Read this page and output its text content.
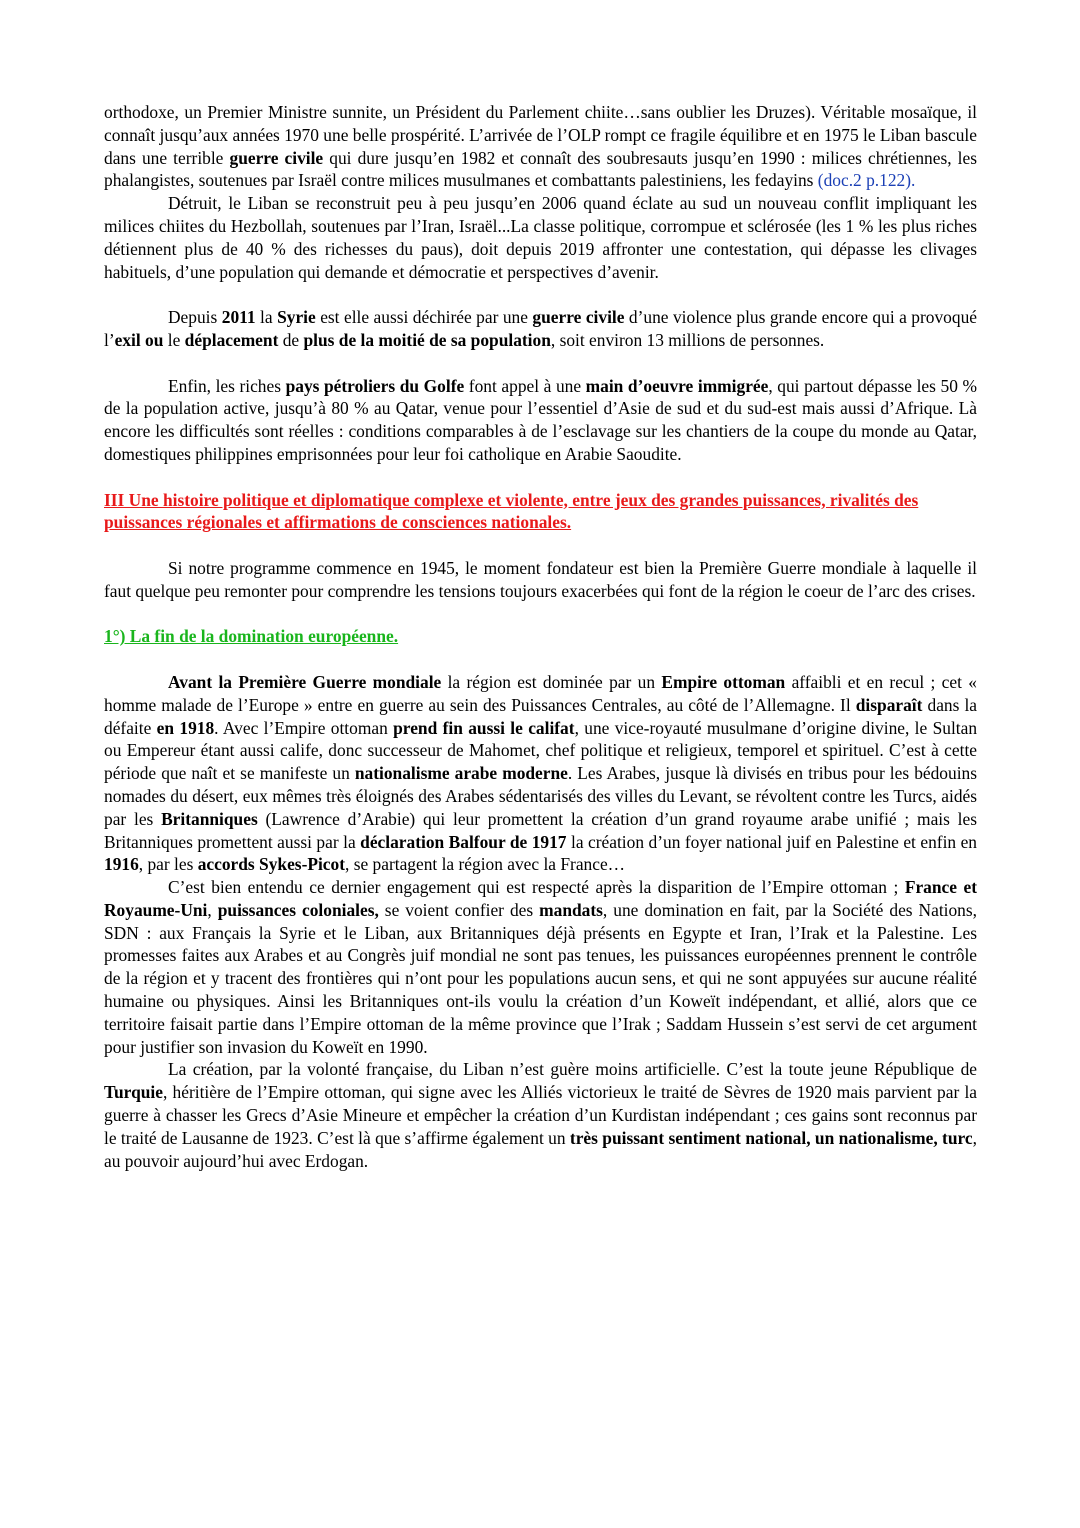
orthodoxe, un Premier Ministre sunnite, un Président du Parlement chiite…sans oublier les Druzes). Véritable mosaïque, il connaît jusqu’aux années 1970 une belle prospérité. L’arrivée de l’OLP rompt ce fragile équilibre et en 1975 le Liban bascule dans une terrible guerre civile qui dure jusqu’en 1982 et connaît des soubresauts jusqu’en 1990 : milices chrétiennes, les phalangistes, soutenues par Israël contre milices musulmanes et combattants palestiniens, les fedayins (doc.2 p.122).

Détruit, le Liban se reconstruit peu à peu jusqu’en 2006 quand éclate au sud un nouveau conflit impliquant les milices chiites du Hezbollah, soutenues par l’Iran, Israël...La classe politique, corrompue et sclérosée (les 1 % les plus riches détiennent plus de 40 % des richesses du paus), doit depuis 2019 affronter une contestation, qui dépasse les clivages habituels, d’une population qui demande et démocratie et perspectives d’avenir.

Depuis 2011 la Syrie est elle aussi déchirée par une guerre civile d’une violence plus grande encore qui a provoqué l’exil ou le déplacement de plus de la moitié de sa population, soit environ 13 millions de personnes.

Enfin, les riches pays pétroliers du Golfe font appel à une main d’oeuvre immigrée, qui partout dépasse les 50 % de la population active, jusqu’à 80 % au Qatar, venue pour l’essentiel d’Asie de sud et du sud-est mais aussi d’Afrique. Là encore les difficultés sont réelles : conditions comparables à de l’esclavage sur les chantiers de la coupe du monde au Qatar, domestiques philippines emprisonnées pour leur foi catholique en Arabie Saoudite.

III Une histoire politique et diplomatique complexe et violente, entre jeux des grandes puissances, rivalités des puissances régionales et affirmations de consciences nationales.

Si notre programme commence en 1945, le moment fondateur est bien la Première Guerre mondiale à laquelle il faut quelque peu remonter pour comprendre les tensions toujours exacerbées qui font de la région le coeur de l’arc des crises.

1°) La fin de la domination européenne.

Avant la Première Guerre mondiale la région est dominée par un Empire ottoman affaibli et en recul ; cet « homme malade de l’Europe » entre en guerre au sein des Puissances Centrales, au côté de l’Allemagne. Il disparaît dans la défaite en 1918. Avec l’Empire ottoman prend fin aussi le califat, une vice-royauté musulmane d’origine divine, le Sultan ou Empereur étant aussi calife, donc successeur de Mahomet, chef politique et religieux, temporel et spirituel. C’est à cette période que naît et se manifeste un nationalisme arabe moderne. Les Arabes, jusque là divisés en tribus pour les bédouins nomades du désert, eux mêmes très éloignés des Arabes sédentarisés des villes du Levant, se révoltent contre les Turcs, aidés par les Britanniques (Lawrence d’Arabie) qui leur promettent la création d’un grand royaume arabe unifié ; mais les Britanniques promettent aussi par la déclaration Balfour de 1917 la création d’un foyer national juif en Palestine et enfin en 1916, par les accords Sykes-Picot, se partagent la région avec la France…

C’est bien entendu ce dernier engagement qui est respecté après la disparition de l’Empire ottoman ; France et Royaume-Uni, puissances coloniales, se voient confier des mandats, une domination en fait, par la Société des Nations, SDN : aux Français la Syrie et le Liban, aux Britanniques déjà présents en Egypte et Iran, l’Irak et la Palestine. Les promesses faites aux Arabes et au Congrès juif mondial ne sont pas tenues, les puissances européennes prennent le contrôle de la région et y tracent des frontières qui n’ont pour les populations aucun sens, et qui ne sont appuyées sur aucune réalité humaine ou physiques. Ainsi les Britanniques ont-ils voulu la création d’un Koweït indépendant, et allié, alors que ce territoire faisait partie dans l’Empire ottoman de la même province que l’Irak ; Saddam Hussein s’est servi de cet argument pour justifier son invasion du Koweït en 1990.

La création, par la volonté française, du Liban n’est guère moins artificielle. C’est la toute jeune République de Turquie, héritière de l’Empire ottoman, qui signe avec les Alliés victorieux le traité de Sèvres de 1920 mais parvient par la guerre à chasser les Grecs d’Asie Mineure et empêcher la création d’un Kurdistan indépendant ; ces gains sont reconnus par le traité de Lausanne de 1923. C’est là que s’affirme également un très puissant sentiment national, un nationalisme, turc, au pouvoir aujourd’hui avec Erdogan.
